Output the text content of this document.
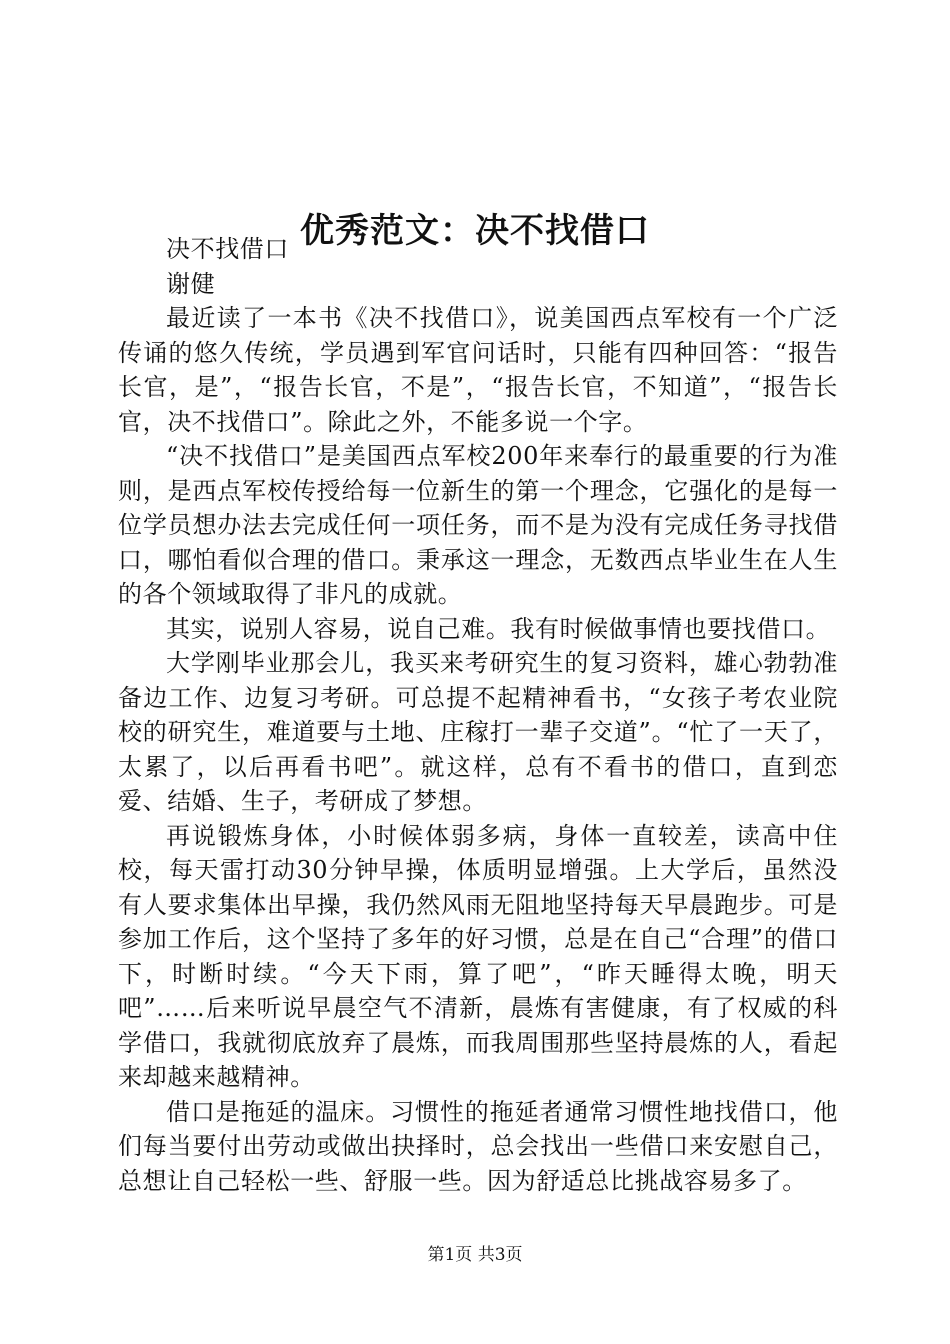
优秀范文：决不找借口

决不找借口

谢健

最近读了一本书《决不找借口》，说美国西点军校有一个广泛传诵的悠久传统，学员遇到军官问话时，只能有四种回答：“报告长官，是”，“报告长官，不是”，“报告长官，不知道”，“报告长官，决不找借口”。除此之外，不能多说一个字。

“决不找借口”是美国西点军校200年来奉行的最重要的行为准则，是西点军校传授给每一位新生的第一个理念，它强化的是每一位学员想办法去完成任何一项任务，而不是为没有完成任务寻找借口，哪怕看似合理的借口。秉承这一理念，无数西点毕业生在人生的各个领域取得了非凡的成就。

其实，说别人容易，说自己难。我有时候做事情也要找借口。

大学刚毕业那会儿，我买来考研究生的复习资料，雄心勃勃准备边工作、边复习考研。可总提不起精神看书，“女孩子考农业院校的研究生，难道要与土地、庄稼打一辈子交道”。“忙了一天了，太累了，以后再看书吧”。就这样，总有不看书的借口，直到恋爱、结婚、生子，考研成了梦想。

再说锻炼身体，小时候体弱多病，身体一直较差，读高中住校，每天雷打动30分钟早操，体质明显增强。上大学后，虽然没有人要求集体出早操，我仍然风雨无阻地坚持每天早晨跑步。可是参加工作后，这个坚持了多年的好习惯，总是在自己“合理”的借口下，时断时续。“今天下雨，算了吧”，“昨天睡得太晚，明天吧”……后来听说早晨空气不清新，晨炼有害健康，有了权威的科学借口，我就彻底放弃了晨炼，而我周围那些坚持晨炼的人，看起来却越来越精神。

借口是拖延的温床。习惯性的拖延者通常习惯性地找借口，他们每当要付出劳动或做出抉择时，总会找出一些借口来安慰自己，总想让自己轻松一些、舒服一些。因为舒适总比挑战容易多了。

第1页 共3页
